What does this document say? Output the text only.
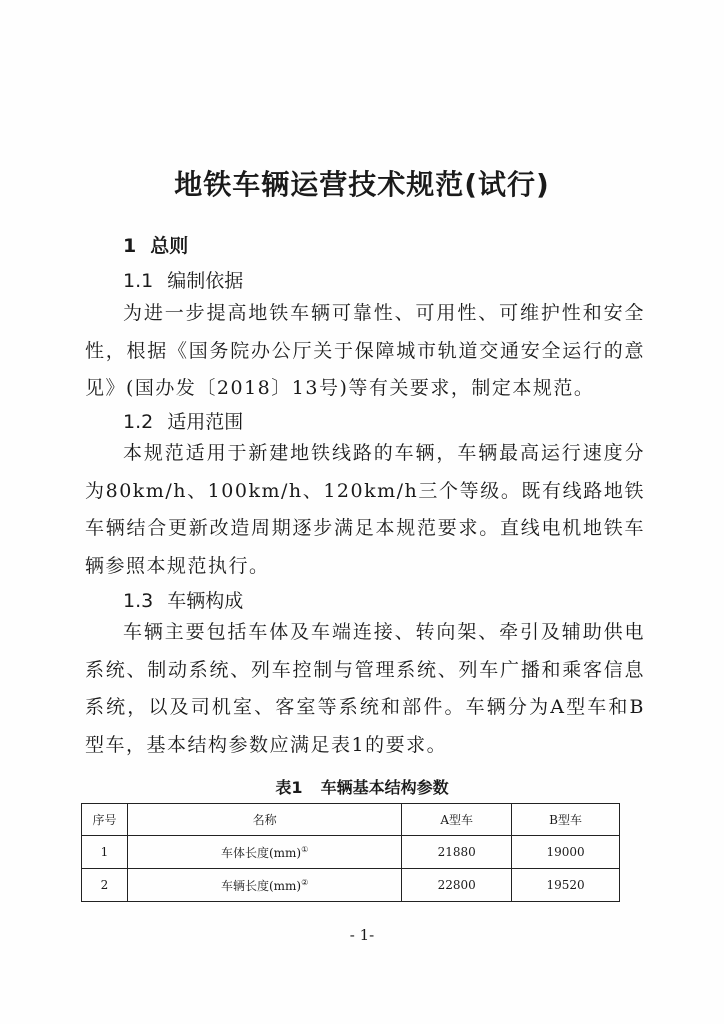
地铁车辆运营技术规范(试行)
1 总则
1.1 编制依据
为进一步提高地铁车辆可靠性、可用性、可维护性和安全性，根据《国务院办公厅关于保障城市轨道交通安全运行的意见》(国办发〔2018〕13号)等有关要求，制定本规范。
1.2 适用范围
本规范适用于新建地铁线路的车辆，车辆最高运行速度分为80km/h、100km/h、120km/h三个等级。既有线路地铁车辆结合更新改造周期逐步满足本规范要求。直线电机地铁车辆参照本规范执行。
1.3 车辆构成
车辆主要包括车体及车端连接、转向架、牵引及辅助供电系统、制动系统、列车控制与管理系统、列车广播和乘客信息系统，以及司机室、客室等系统和部件。车辆分为A型车和B型车，基本结构参数应满足表1的要求。
表1 车辆基本结构参数
序号	名称	A型车	B型车
1	车体长度(mm)①	21880	19000
2	车辆长度(mm)②	22800	19520
- 1-
